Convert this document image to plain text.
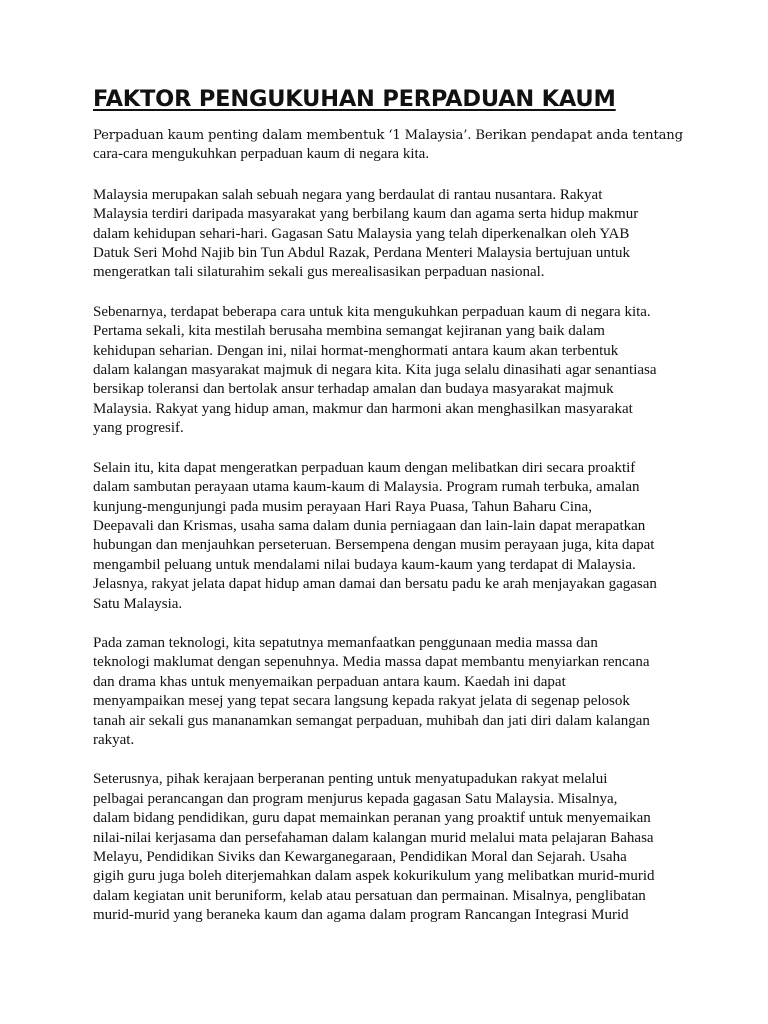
FAKTOR PENGUKUHAN PERPADUAN KAUM
Perpaduan kaum penting dalam membentuk ‘1 Malaysia’. Berikan pendapat anda tentang
cara-cara mengukuhkan perpaduan kaum di negara kita.
Malaysia merupakan salah sebuah negara yang berdaulat di rantau nusantara. Rakyat
Malaysia terdiri daripada masyarakat yang berbilang kaum dan agama serta hidup makmur
dalam kehidupan sehari-hari. Gagasan Satu Malaysia yang telah diperkenalkan oleh YAB
Datuk Seri Mohd Najib bin Tun Abdul Razak, Perdana Menteri Malaysia bertujuan untuk
mengeratkan tali silaturahim sekali gus merealisasikan perpaduan nasional.
Sebenarnya, terdapat beberapa cara untuk kita mengukuhkan perpaduan kaum di negara kita.
Pertama sekali, kita mestilah berusaha membina semangat kejiranan yang baik dalam
kehidupan seharian. Dengan ini, nilai hormat-menghormati antara kaum akan terbentuk
dalam kalangan masyarakat majmuk di negara kita. Kita juga selalu dinasihati agar senantiasa
bersikap toleransi dan bertolak ansur terhadap amalan dan budaya masyarakat majmuk
Malaysia. Rakyat yang hidup aman, makmur dan harmoni akan menghasilkan masyarakat
yang progresif.
Selain itu, kita dapat mengeratkan perpaduan kaum dengan melibatkan diri secara proaktif
dalam sambutan perayaan utama kaum-kaum di Malaysia. Program rumah terbuka, amalan
kunjung-mengunjungi pada musim perayaan Hari Raya Puasa, Tahun Baharu Cina,
Deepavali dan Krismas, usaha sama dalam dunia perniagaan dan lain-lain dapat merapatkan
hubungan dan menjauhkan perseteruan. Bersempena dengan musim perayaan juga, kita dapat
mengambil peluang untuk mendalami nilai budaya kaum-kaum yang terdapat di Malaysia.
Jelasnya, rakyat jelata dapat hidup aman damai dan bersatu padu ke arah menjayakan gagasan
Satu Malaysia.
Pada zaman teknologi, kita sepatutnya memanfaatkan penggunaan media massa dan
teknologi maklumat dengan sepenuhnya. Media massa dapat membantu menyiarkan rencana
dan drama khas untuk menyemaikan perpaduan antara kaum. Kaedah ini dapat
menyampaikan mesej yang tepat secara langsung kepada rakyat jelata di segenap pelosok
tanah air sekali gus mananamkan semangat perpaduan, muhibah dan jati diri dalam kalangan
rakyat.
Seterusnya, pihak kerajaan berperanan penting untuk menyatupadukan rakyat melalui
pelbagai perancangan dan program menjurus kepada gagasan Satu Malaysia. Misalnya,
dalam bidang pendidikan, guru dapat memainkan peranan yang proaktif untuk menyemaikan
nilai-nilai kerjasama dan persefahaman dalam kalangan murid melalui mata pelajaran Bahasa
Melayu, Pendidikan Siviks dan Kewarganegaraan, Pendidikan Moral dan Sejarah. Usaha
gigih guru juga boleh diterjemahkan dalam aspek kokurikulum yang melibatkan murid-murid
dalam kegiatan unit beruniform, kelab atau persatuan dan permainan. Misalnya, penglibatan
murid-murid yang beraneka kaum dan agama dalam program Rancangan Integrasi Murid
